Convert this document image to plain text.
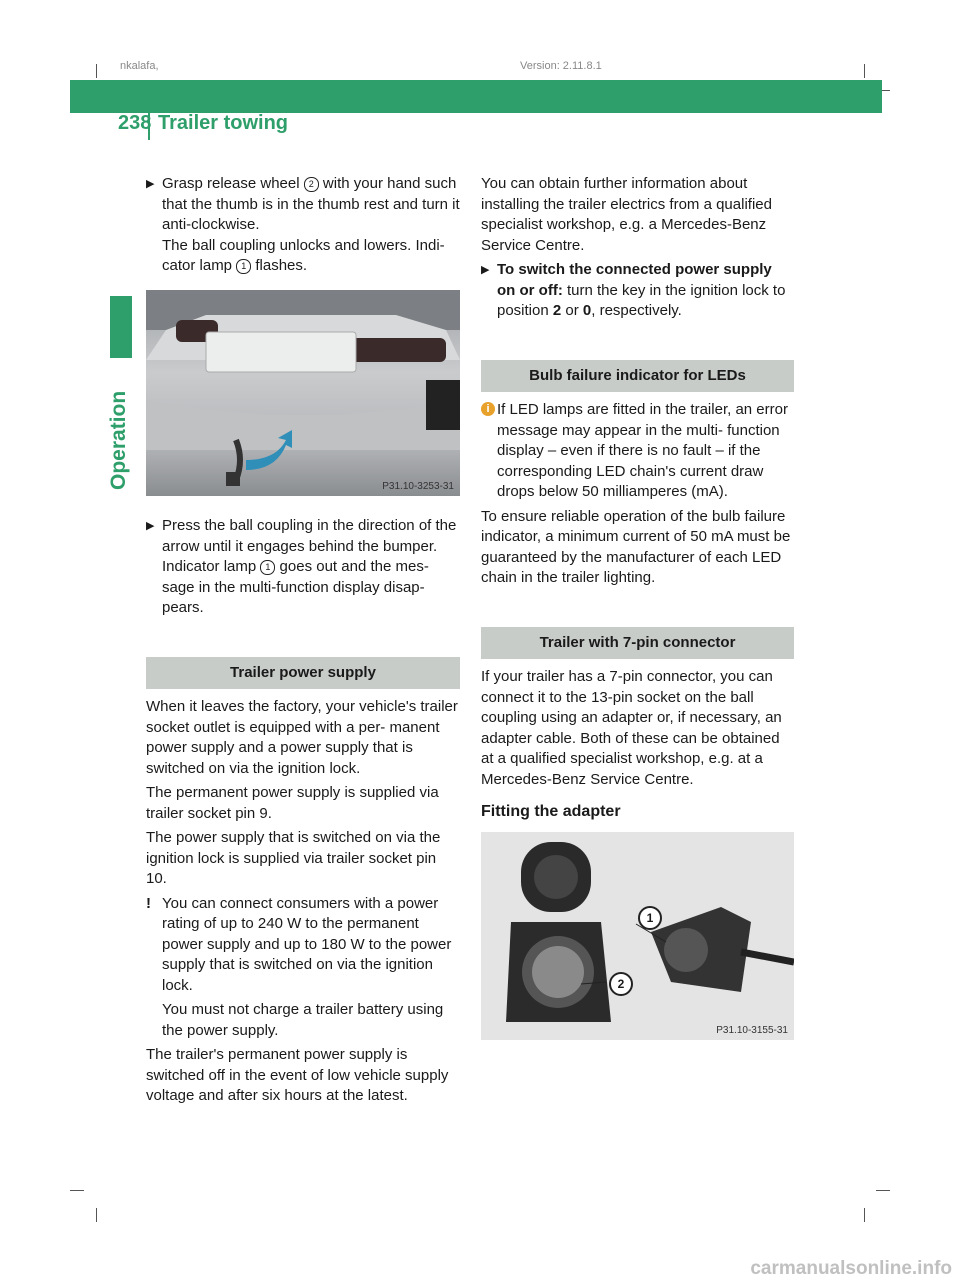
nkalafa,	Version: 2.11.8.1
238 Trailer towing
Operation

▶ Grasp release wheel 2 with your hand such that the thumb is in the thumb rest and turn it anti-clockwise.

The ball coupling unlocks and lowers. Indi- cator lamp 1 flashes.

P31.10-3253-31

▶ Press the ball coupling in the direction of the arrow until it engages behind the bumper.

Indicator lamp 1 goes out and the mes- sage in the multi-function display disap- pears.

Trailer power supply

When it leaves the factory, your vehicle's trailer socket outlet is equipped with a per- manent power supply and a power supply that is switched on via the ignition lock.

The permanent power supply is supplied via trailer socket pin 9.

The power supply that is switched on via the ignition lock is supplied via trailer socket pin 10.

! You can connect consumers with a power rating of up to 240 W to the permanent power supply and up to 180 W to the power supply that is switched on via the ignition lock.

You must not charge a trailer battery using the power supply.

The trailer's permanent power supply is switched off in the event of low vehicle supply voltage and after six hours at the latest.

You can obtain further information about installing the trailer electrics from a qualified specialist workshop, e.g. a Mercedes-Benz Service Centre.

▶ To switch the connected power supply on or off: turn the key in the ignition lock to position 2 or 0, respectively.

Bulb failure indicator for LEDs

i If LED lamps are fitted in the trailer, an error message may appear in the multi- function display – even if there is no fault – if the corresponding LED chain's current draw drops below 50 milliamperes (mA).

To ensure reliable operation of the bulb failure indicator, a minimum current of 50 mA must be guaranteed by the manufacturer of each LED chain in the trailer lighting.

Trailer with 7-pin connector

If your trailer has a 7-pin connector, you can connect it to the 13-pin socket on the ball coupling using an adapter or, if necessary, an adapter cable. Both of these can be obtained at a qualified specialist workshop, e.g. at a Mercedes-Benz Service Centre.

Fitting the adapter

1
2
P31.10-3155-31
carmanualsonline.info
